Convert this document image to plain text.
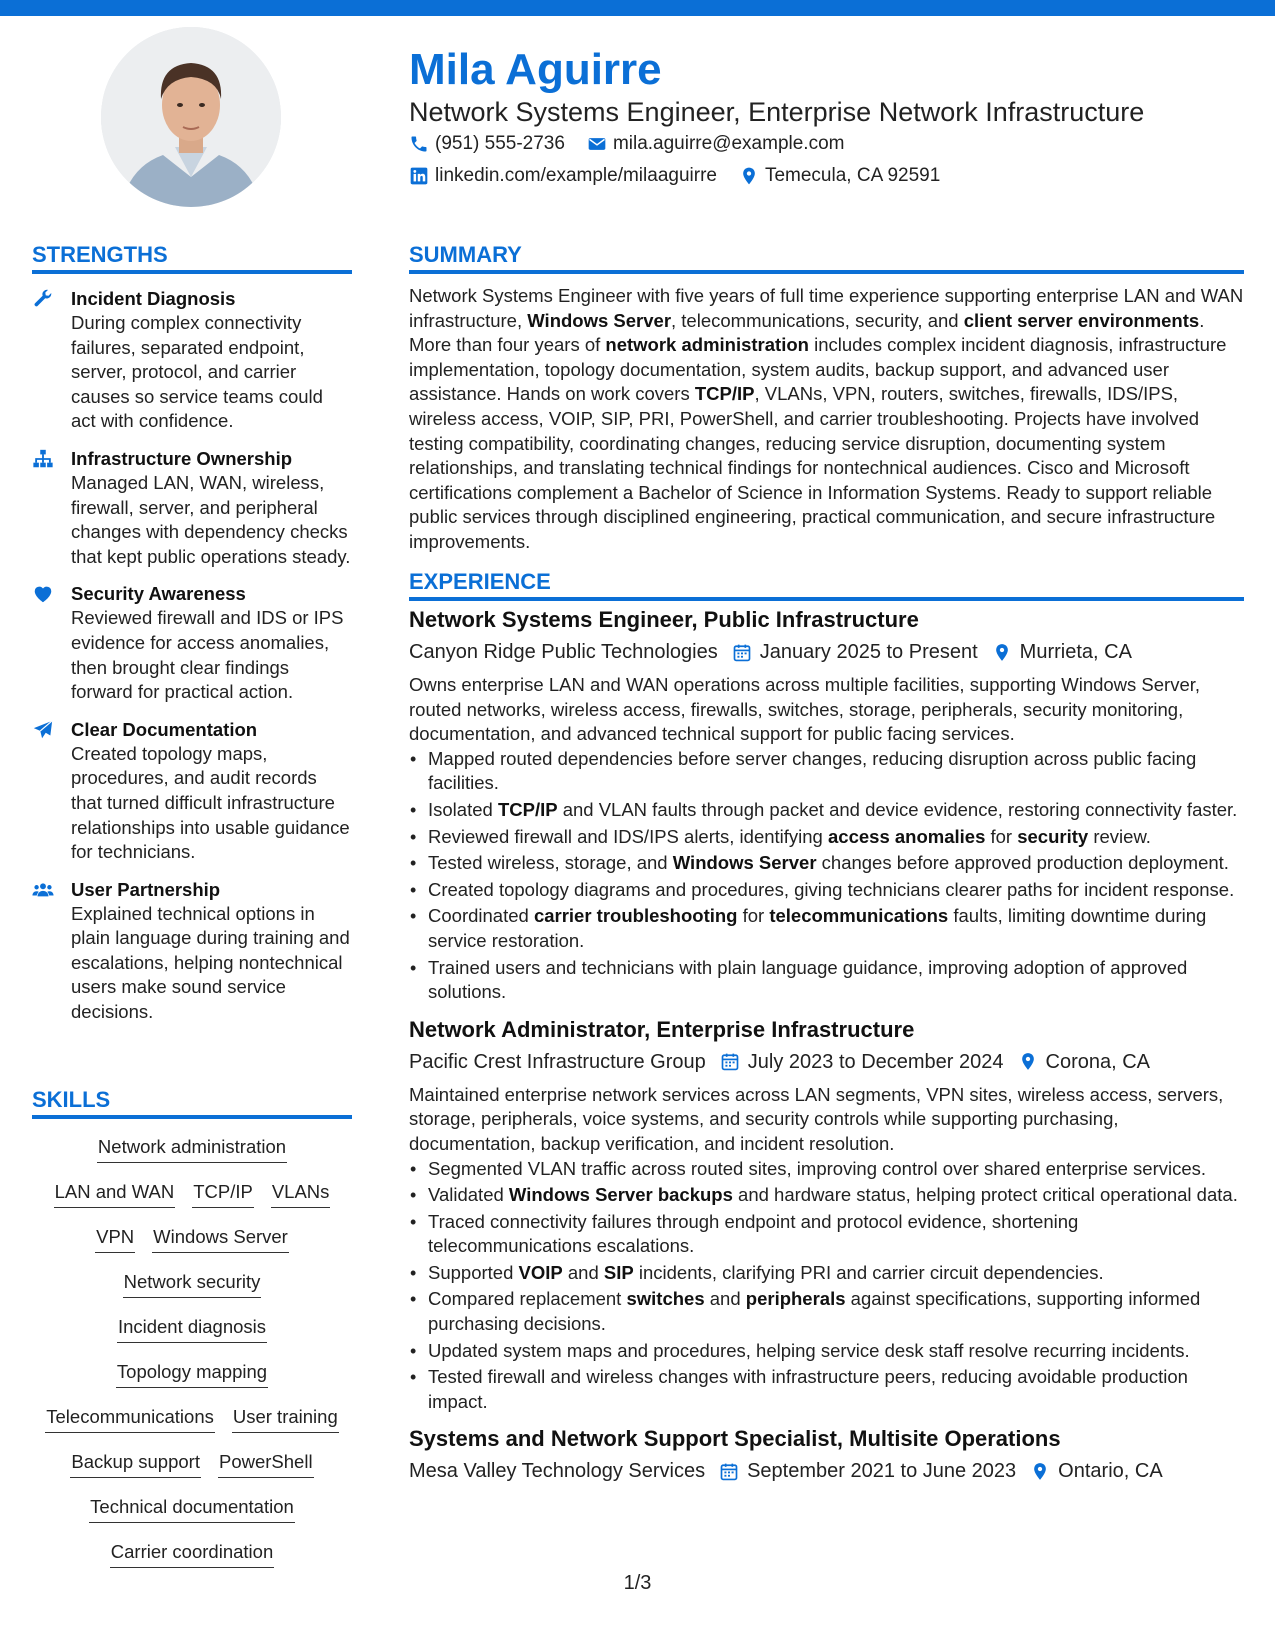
Mila Aguirre
Network Systems Engineer, Enterprise Network Infrastructure
(951) 555-2736	mila.aguirre@example.com
linkedin.com/example/milaaguirre	Temecula, CA 92591
STRENGTHS
Incident Diagnosis
During complex connectivity failures, separated endpoint, server, protocol, and carrier causes so service teams could act with confidence.
Infrastructure Ownership
Managed LAN, WAN, wireless, firewall, server, and peripheral changes with dependency checks that kept public operations steady.
Security Awareness
Reviewed firewall and IDS or IPS evidence for access anomalies, then brought clear findings forward for practical action.
Clear Documentation
Created topology maps, procedures, and audit records that turned difficult infrastructure relationships into usable guidance for technicians.
User Partnership
Explained technical options in plain language during training and escalations, helping nontechnical users make sound service decisions.
SKILLS
Network administration
LAN and WAN TCP/IP VLANs
VPN Windows Server
Network security
Incident diagnosis
Topology mapping
Telecommunications User training
Backup support PowerShell
Technical documentation
Carrier coordination
SUMMARY
Network Systems Engineer with five years of full time experience supporting enterprise LAN and WAN infrastructure, Windows Server, telecommunications, security, and client server environments. More than four years of network administration includes complex incident diagnosis, infrastructure implementation, topology documentation, system audits, backup support, and advanced user assistance. Hands on work covers TCP/IP, VLANs, VPN, routers, switches, firewalls, IDS/IPS, wireless access, VOIP, SIP, PRI, PowerShell, and carrier troubleshooting. Projects have involved testing compatibility, coordinating changes, reducing service disruption, documenting system relationships, and translating technical findings for nontechnical audiences. Cisco and Microsoft certifications complement a Bachelor of Science in Information Systems. Ready to support reliable public services through disciplined engineering, practical communication, and secure infrastructure improvements.
EXPERIENCE
Network Systems Engineer, Public Infrastructure
Canyon Ridge Public Technologies January 2025 to Present Murrieta, CA
Owns enterprise LAN and WAN operations across multiple facilities, supporting Windows Server, routed networks, wireless access, firewalls, switches, storage, peripherals, security monitoring, documentation, and advanced technical support for public facing services.
• Mapped routed dependencies before server changes, reducing disruption across public facing facilities.
• Isolated TCP/IP and VLAN faults through packet and device evidence, restoring connectivity faster.
• Reviewed firewall and IDS/IPS alerts, identifying access anomalies for security review.
• Tested wireless, storage, and Windows Server changes before approved production deployment.
• Created topology diagrams and procedures, giving technicians clearer paths for incident response.
• Coordinated carrier troubleshooting for telecommunications faults, limiting downtime during service restoration.
• Trained users and technicians with plain language guidance, improving adoption of approved solutions.
Network Administrator, Enterprise Infrastructure
Pacific Crest Infrastructure Group July 2023 to December 2024 Corona, CA
Maintained enterprise network services across LAN segments, VPN sites, wireless access, servers, storage, peripherals, voice systems, and security controls while supporting purchasing, documentation, backup verification, and incident resolution.
• Segmented VLAN traffic across routed sites, improving control over shared enterprise services.
• Validated Windows Server backups and hardware status, helping protect critical operational data.
• Traced connectivity failures through endpoint and protocol evidence, shortening telecommunications escalations.
• Supported VOIP and SIP incidents, clarifying PRI and carrier circuit dependencies.
• Compared replacement switches and peripherals against specifications, supporting informed purchasing decisions.
• Updated system maps and procedures, helping service desk staff resolve recurring incidents.
• Tested firewall and wireless changes with infrastructure peers, reducing avoidable production impact.
Systems and Network Support Specialist, Multisite Operations
Mesa Valley Technology Services September 2021 to June 2023 Ontario, CA
1/3
